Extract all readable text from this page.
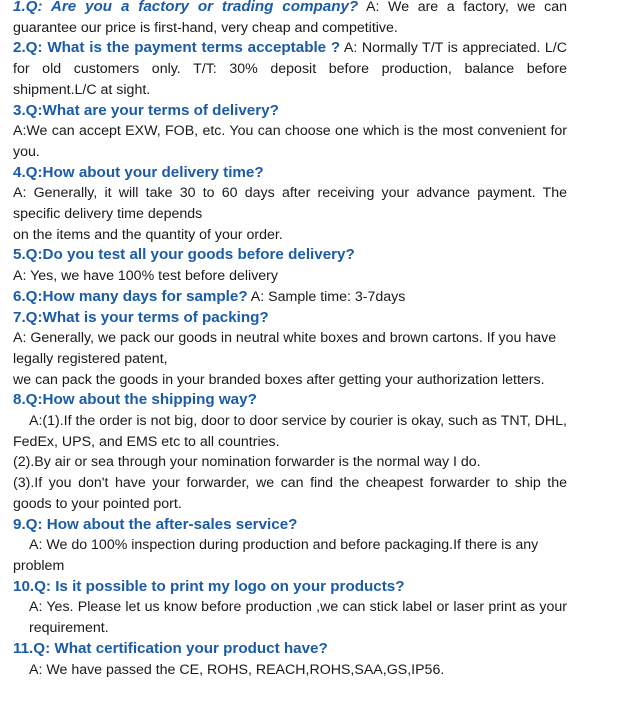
1.Q: Are you a factory or trading company? A: We are a factory, we can guarantee our price is first-hand, very cheap and competitive.

2.Q: What is the payment terms acceptable ? A: Normally T/T is appreciated. L/C for old customers only. T/T: 30% deposit before production, balance before shipment.L/C at sight.

3.Q:What are your terms of delivery?

A:We can accept EXW, FOB, etc. You can choose one which is the most convenient for you.

4.Q:How about your delivery time?

A: Generally, it will take 30 to 60 days after receiving your advance payment. The specific delivery time depends

on the items and the quantity of your order.

5.Q:Do you test all your goods before delivery?

A: Yes, we have 100% test before delivery

6.Q:How many days for sample? A: Sample time: 3-7days

7.Q:What is your terms of packing?

A: Generally, we pack our goods in neutral white boxes and brown cartons. If you have legally registered patent,

we can pack the goods in your branded boxes after getting your authorization letters.

8.Q:How about the shipping way?

A:(1).If the order is not big, door to door service by courier is okay, such as TNT, DHL, FedEx, UPS, and EMS etc to all countries.

(2).By air or sea through your nomination forwarder is the normal way I do.

(3).If you don't have your forwarder, we can find the cheapest forwarder to ship the goods to your pointed port.

9.Q: How about the after-sales service?

A: We do 100% inspection during production and before packaging.If there is any problem

10.Q: Is it possible to print my logo on your products?

A: Yes. Please let us know before production ,we can stick label or laser print as your requirement.

11.Q: What certification your product have?

A: We have passed the CE, ROHS, REACH,ROHS,SAA,GS,IP56.
